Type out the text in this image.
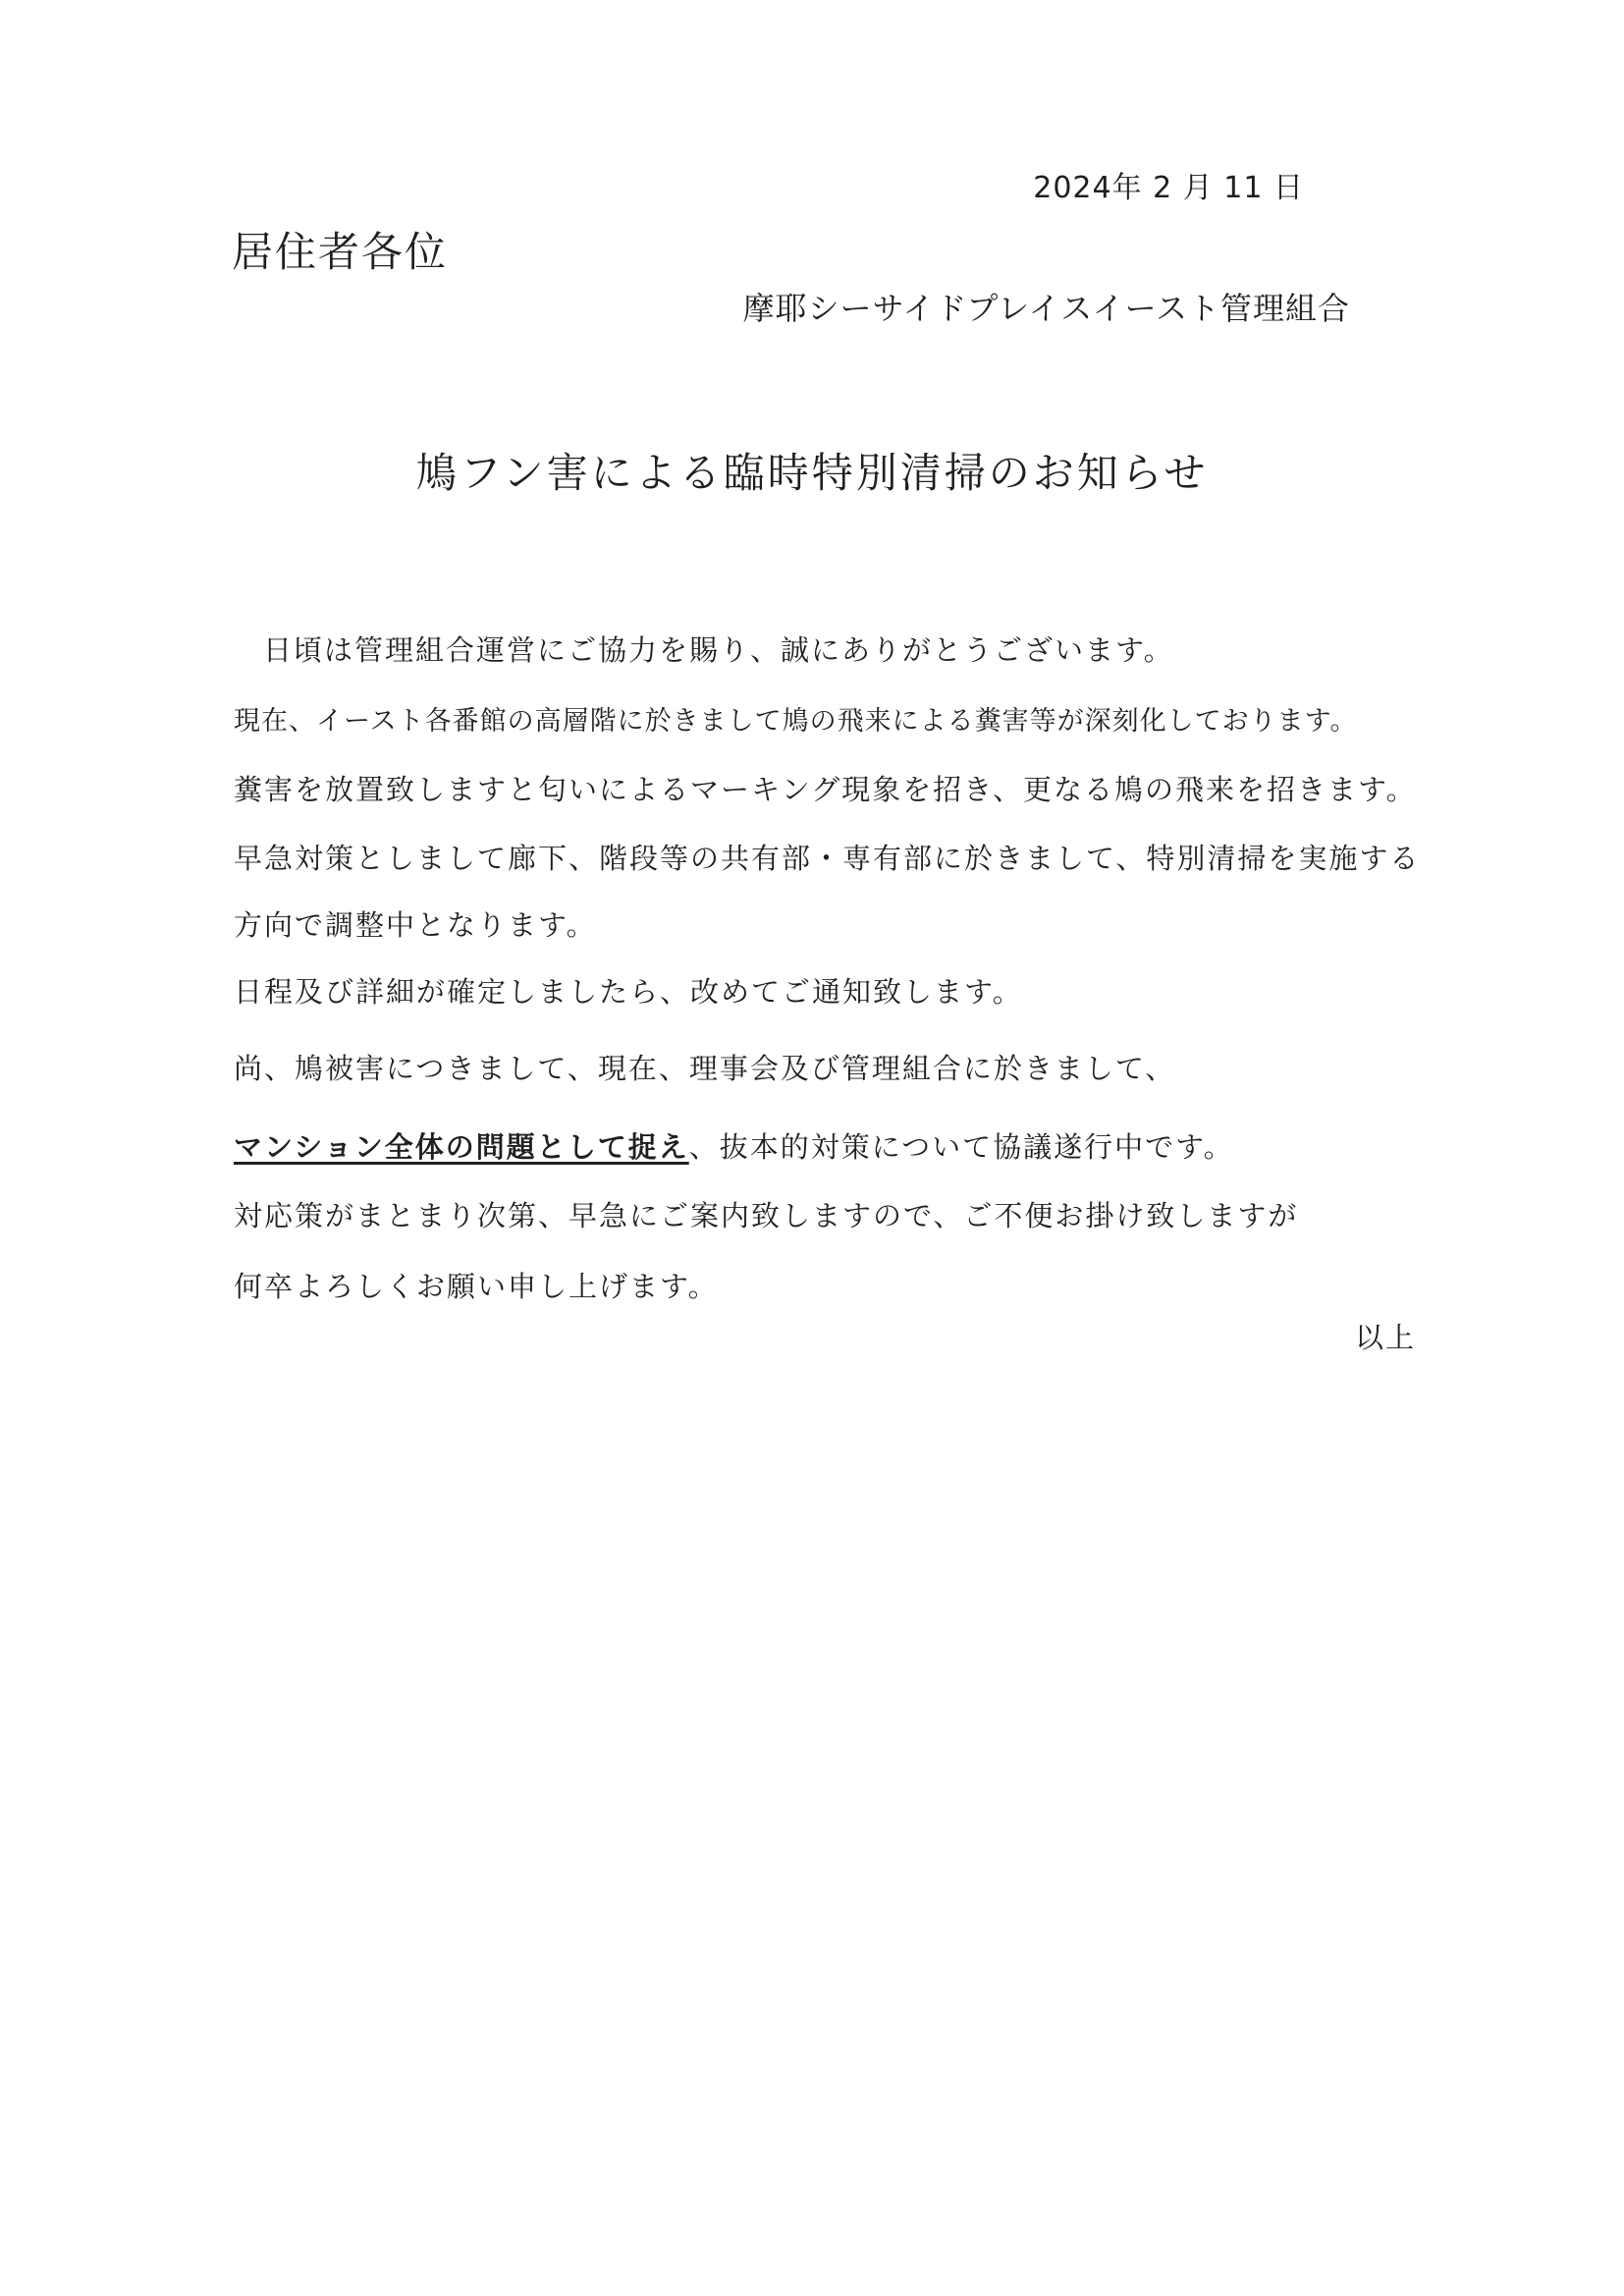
2024年 2 月 11 日
居住者各位
摩耶シーサイドプレイスイースト管理組合
鳩フン害による臨時特別清掃のお知らせ
日頃は管理組合運営にご協力を賜り、誠にありがとうございます。
現在、イースト各番館の高層階に於きまして鳩の飛来による糞害等が深刻化しております。
糞害を放置致しますと匂いによるマーキング現象を招き、更なる鳩の飛来を招きます。
早急対策としまして廊下、階段等の共有部・専有部に於きまして、特別清掃を実施する
方向で調整中となります。
日程及び詳細が確定しましたら、改めてご通知致します。
尚、鳩被害につきまして、現在、理事会及び管理組合に於きまして、
マンション全体の問題として捉え、抜本的対策について協議遂行中です。
対応策がまとまり次第、早急にご案内致しますので、ご不便お掛け致しますが
何卒よろしくお願い申し上げます。
以上
